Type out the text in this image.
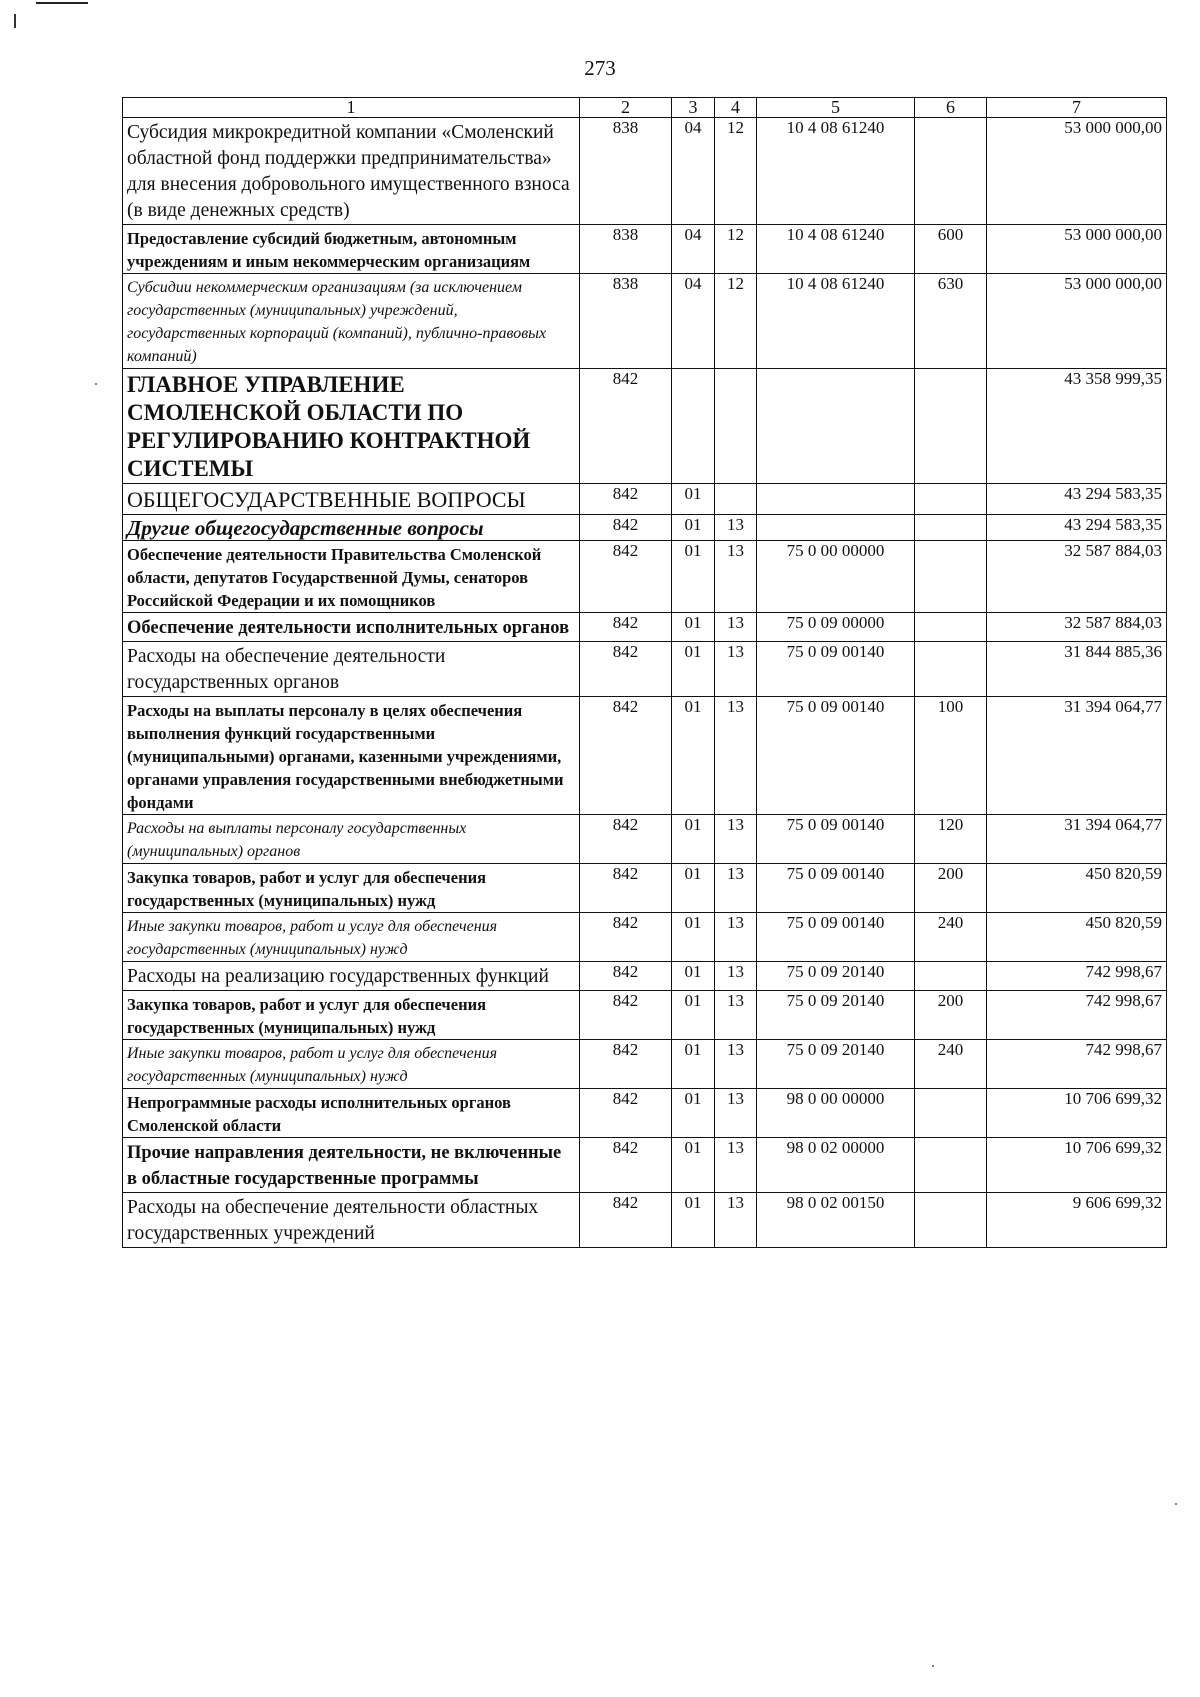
273
1	2	3	4	5	6	7
Субсидия микрокредитной компании «Смоленский областной фонд поддержки предпринимательства» для внесения добровольного имущественного взноса (в виде денежных средств)	838	04	12	10 4 08 61240		53 000 000,00
Предоставление субсидий бюджетным, автономным учреждениям и иным некоммерческим организациям	838	04	12	10 4 08 61240	600	53 000 000,00
Субсидии некоммерческим организациям (за исключением государственных (муниципальных) учреждений, государственных корпораций (компаний), публично-правовых компаний)	838	04	12	10 4 08 61240	630	53 000 000,00
ГЛАВНОЕ УПРАВЛЕНИЕ СМОЛЕНСКОЙ ОБЛАСТИ ПО РЕГУЛИРОВАНИЮ КОНТРАКТНОЙ СИСТЕМЫ	842					43 358 999,35
ОБЩЕГОСУДАРСТВЕННЫЕ ВОПРОСЫ	842	01				43 294 583,35
Другие общегосударственные вопросы	842	01	13			43 294 583,35
Обеспечение деятельности Правительства Смоленской области, депутатов Государственной Думы, сенаторов Российской Федерации и их помощников	842	01	13	75 0 00 00000		32 587 884,03
Обеспечение деятельности исполнительных органов	842	01	13	75 0 09 00000		32 587 884,03
Расходы на обеспечение деятельности государственных органов	842	01	13	75 0 09 00140		31 844 885,36
Расходы на выплаты персоналу в целях обеспечения выполнения функций государственными (муниципальными) органами, казенными учреждениями, органами управления государственными внебюджетными фондами	842	01	13	75 0 09 00140	100	31 394 064,77
Расходы на выплаты персоналу государственных (муниципальных) органов	842	01	13	75 0 09 00140	120	31 394 064,77
Закупка товаров, работ и услуг для обеспечения государственных (муниципальных) нужд	842	01	13	75 0 09 00140	200	450 820,59
Иные закупки товаров, работ и услуг для обеспечения государственных (муниципальных) нужд	842	01	13	75 0 09 00140	240	450 820,59
Расходы на реализацию государственных функций	842	01	13	75 0 09 20140		742 998,67
Закупка товаров, работ и услуг для обеспечения государственных (муниципальных) нужд	842	01	13	75 0 09 20140	200	742 998,67
Иные закупки товаров, работ и услуг для обеспечения государственных (муниципальных) нужд	842	01	13	75 0 09 20140	240	742 998,67
Непрограммные расходы исполнительных органов Смоленской области	842	01	13	98 0 00 00000		10 706 699,32
Прочие направления деятельности, не включенные в областные государственные программы	842	01	13	98 0 02 00000		10 706 699,32
Расходы на обеспечение деятельности областных государственных учреждений	842	01	13	98 0 02 00150		9 606 699,32
